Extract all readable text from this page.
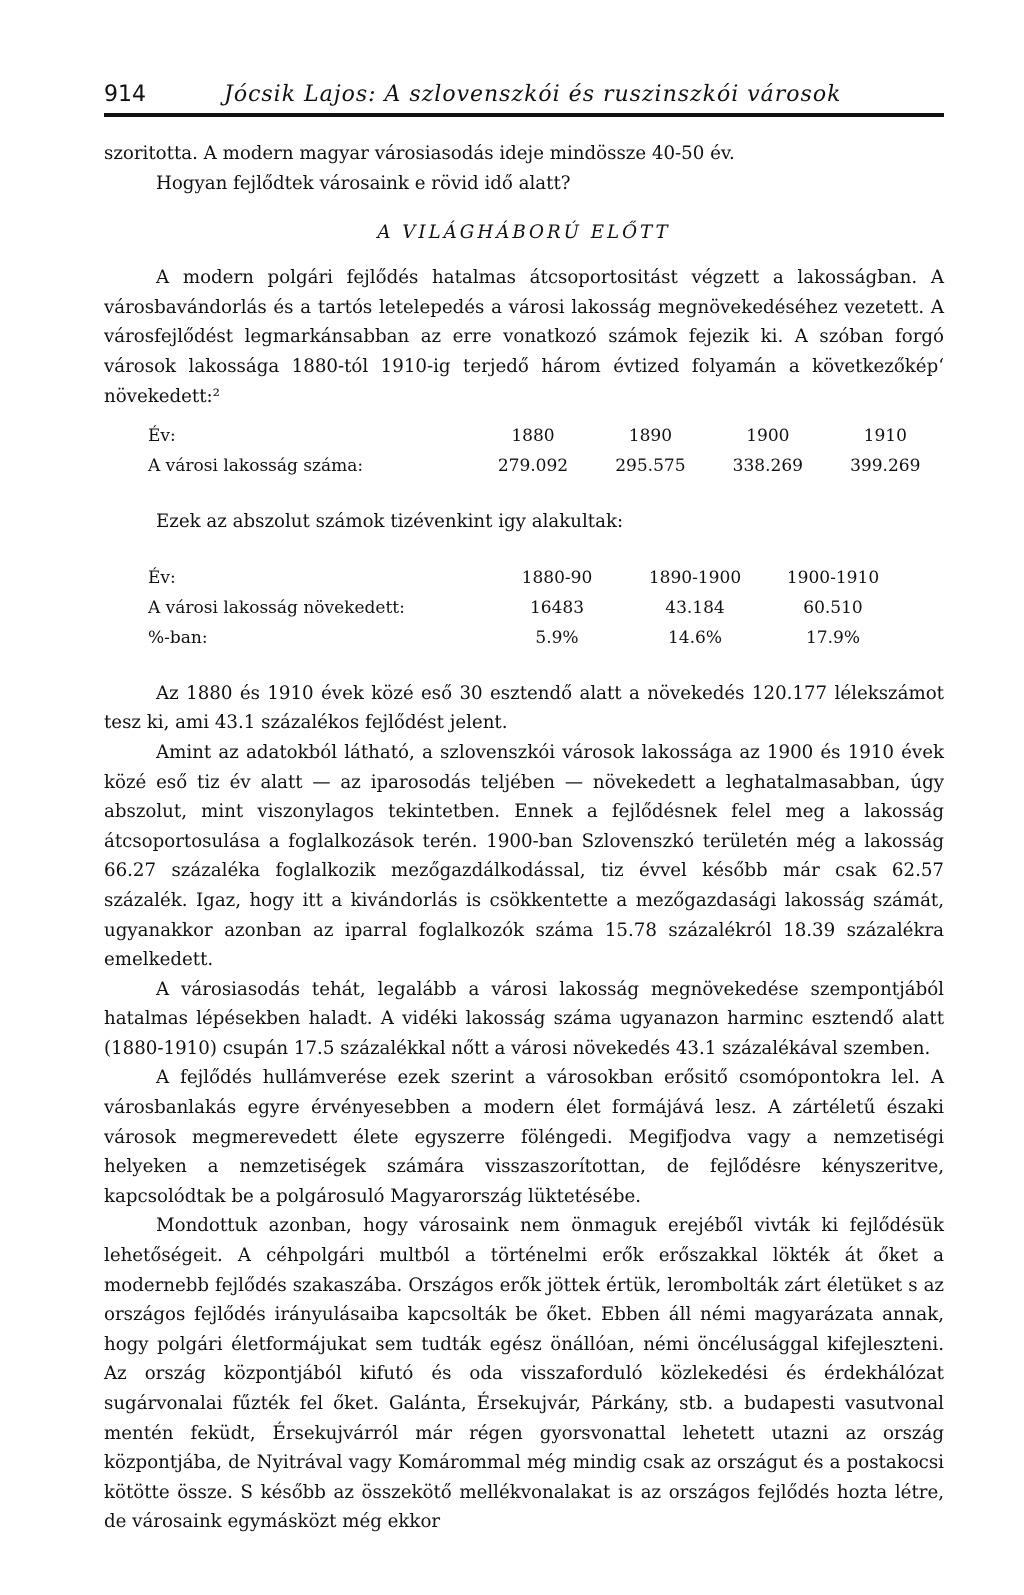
914	Jócsik Lajos: A szlovenszkói és ruszinszkói városok

szoritotta. A modern magyar városiasodás ideje mindössze 40-50 év.

Hogyan fejlődtek városaink e rövid idő alatt?

A VILÁGHÁBORÚ ELŐTT

A modern polgári fejlődés hatalmas átcsoportositást végzett a lakosságban. A városbavándorlás és a tartós letelepedés a városi lakosság megnövekedéséhez vezetett. A városfejlődést legmarkánsabban az erre vonatkozó számok fejezik ki. A szóban forgó városok lakossága 1880-tól 1910-ig terjedő három évtized folyamán a következőkép‘ növekedett:²

Év:	1880	1890	1900	1910
A városi lakosság száma:	279.092	295.575	338.269	399.269

Ezek az abszolut számok tizévenkint igy alakultak:

Év:	1880-90	1890-1900	1900-1910
A városi lakosság növekedett:	16483	43.184	60.510
%-ban:	5.9%	14.6%	17.9%

Az 1880 és 1910 évek közé eső 30 esztendő alatt a növekedés 120.177 lélekszámot tesz ki, ami 43.1 százalékos fejlődést jelent.

Amint az adatokból látható, a szlovenszkói városok lakossága az 1900 és 1910 évek közé eső tiz év alatt — az iparosodás teljében — növekedett a leghatalmasabban, úgy abszolut, mint viszonylagos tekintetben. Ennek a fejlődésnek felel meg a lakosság átcsoportosulása a foglalkozások terén. 1900-ban Szlovenszkó területén még a lakosság 66.27 százaléka foglalkozik mezőgazdálkodással, tiz évvel később már csak 62.57 százalék. Igaz, hogy itt a kivándorlás is csökkentette a mezőgazdasági lakosság számát, ugyanakkor azonban az iparral foglalkozók száma 15.78 százalékról 18.39 százalékra emelkedett.

A városiasodás tehát, legalább a városi lakosság megnövekedése szempontjából hatalmas lépésekben haladt. A vidéki lakosság száma ugyanazon harminc esztendő alatt (1880-1910) csupán 17.5 százalékkal nőtt a városi növekedés 43.1 százalékával szemben.

A fejlődés hullámverése ezek szerint a városokban erősitő csomópontokra lel. A városbanlakás egyre érvényesebben a modern élet formájává lesz. A zártéletű északi városok megmerevedett élete egyszerre föléngedi. Megifjodva vagy a nemzetiségi helyeken a nemzetiségek számára visszaszorítottan, de fejlődésre kényszeritve, kapcsolódtak be a polgárosuló Magyarország lüktetésébe.

Mondottuk azonban, hogy városaink nem önmaguk erejéből vivták ki fejlődésük lehetőségeit. A céhpolgári multból a történelmi erők erőszakkal lökték át őket a modernebb fejlődés szakaszába. Országos erők jöttek értük, lerombolták zárt életüket s az országos fejlődés irányulásaiba kapcsolták be őket. Ebben áll némi magyarázata annak, hogy polgári életformájukat sem tudták egész önállóan, némi öncélusággal kifejleszteni. Az ország központjából kifutó és oda visszaforduló közlekedési és érdekhálózat sugárvonalai fűzték fel őket. Galánta, Érsekujvár, Párkány, stb. a budapesti vasutvonal mentén feküdt, Érsekujvárról már régen gyorsvonattal lehetett utazni az ország központjába, de Nyitrával vagy Komárommal még mindig csak az országut és a postakocsi kötötte össze. S később az összekötő mellékvonalakat is az országos fejlődés hozta létre, de városaink egymásközt még ekkor
